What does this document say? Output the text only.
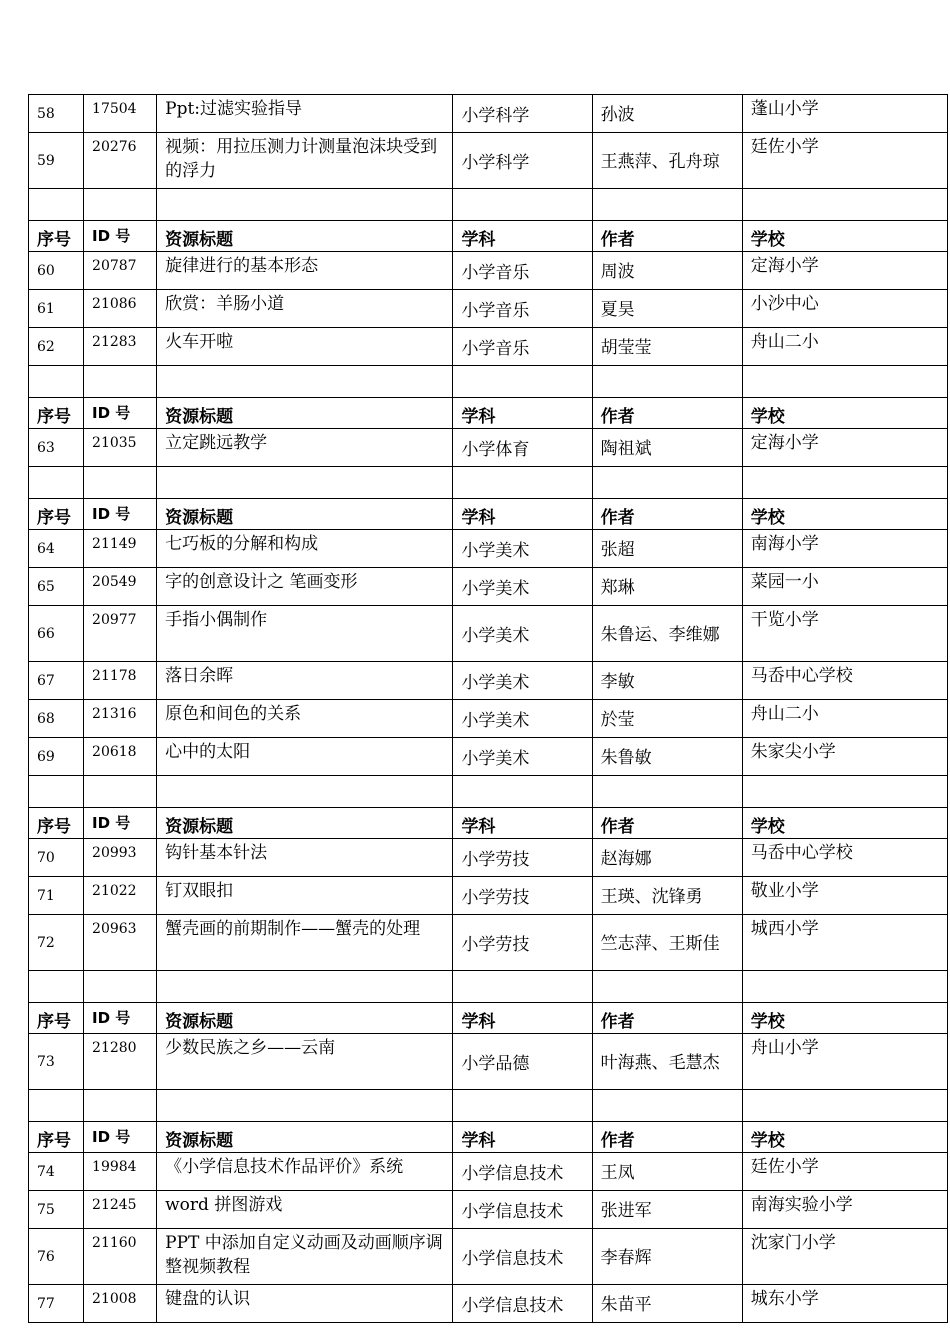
58	17504	Ppt:过滤实验指导	小学科学	孙波	蓬山小学
59	20276	视频：用拉压测力计测量泡沫块受到的浮力	小学科学	王燕萍、孔舟琼	廷佐小学

序号	ID 号	资源标题	学科	作者	学校
60	20787	旋律进行的基本形态	小学音乐	周波	定海小学
61	21086	欣赏：羊肠小道	小学音乐	夏昊	小沙中心
62	21283	火车开啦	小学音乐	胡莹莹	舟山二小

序号	ID 号	资源标题	学科	作者	学校
63	21035	立定跳远教学	小学体育	陶祖斌	定海小学

序号	ID 号	资源标题	学科	作者	学校
64	21149	七巧板的分解和构成	小学美术	张超	南海小学
65	20549	字的创意设计之 笔画变形	小学美术	郑琳	菜园一小
66	20977	手指小偶制作	小学美术	朱鲁运、李维娜	干览小学
67	21178	落日余晖	小学美术	李敏	马岙中心学校
68	21316	原色和间色的关系	小学美术	於莹	舟山二小
69	20618	心中的太阳	小学美术	朱鲁敏	朱家尖小学

序号	ID 号	资源标题	学科	作者	学校
70	20993	钩针基本针法	小学劳技	赵海娜	马岙中心学校
71	21022	钉双眼扣	小学劳技	王瑛、沈锋勇	敬业小学
72	20963	蟹壳画的前期制作——蟹壳的处理	小学劳技	竺志萍、王斯佳	城西小学

序号	ID 号	资源标题	学科	作者	学校
73	21280	少数民族之乡——云南	小学品德	叶海燕、毛慧杰	舟山小学

序号	ID 号	资源标题	学科	作者	学校
74	19984	《小学信息技术作品评价》系统	小学信息技术	王凤	廷佐小学
75	21245	word 拼图游戏	小学信息技术	张进军	南海实验小学
76	21160	PPT 中添加自定义动画及动画顺序调整视频教程	小学信息技术	李春辉	沈家门小学
77	21008	键盘的认识	小学信息技术	朱苗平	城东小学
